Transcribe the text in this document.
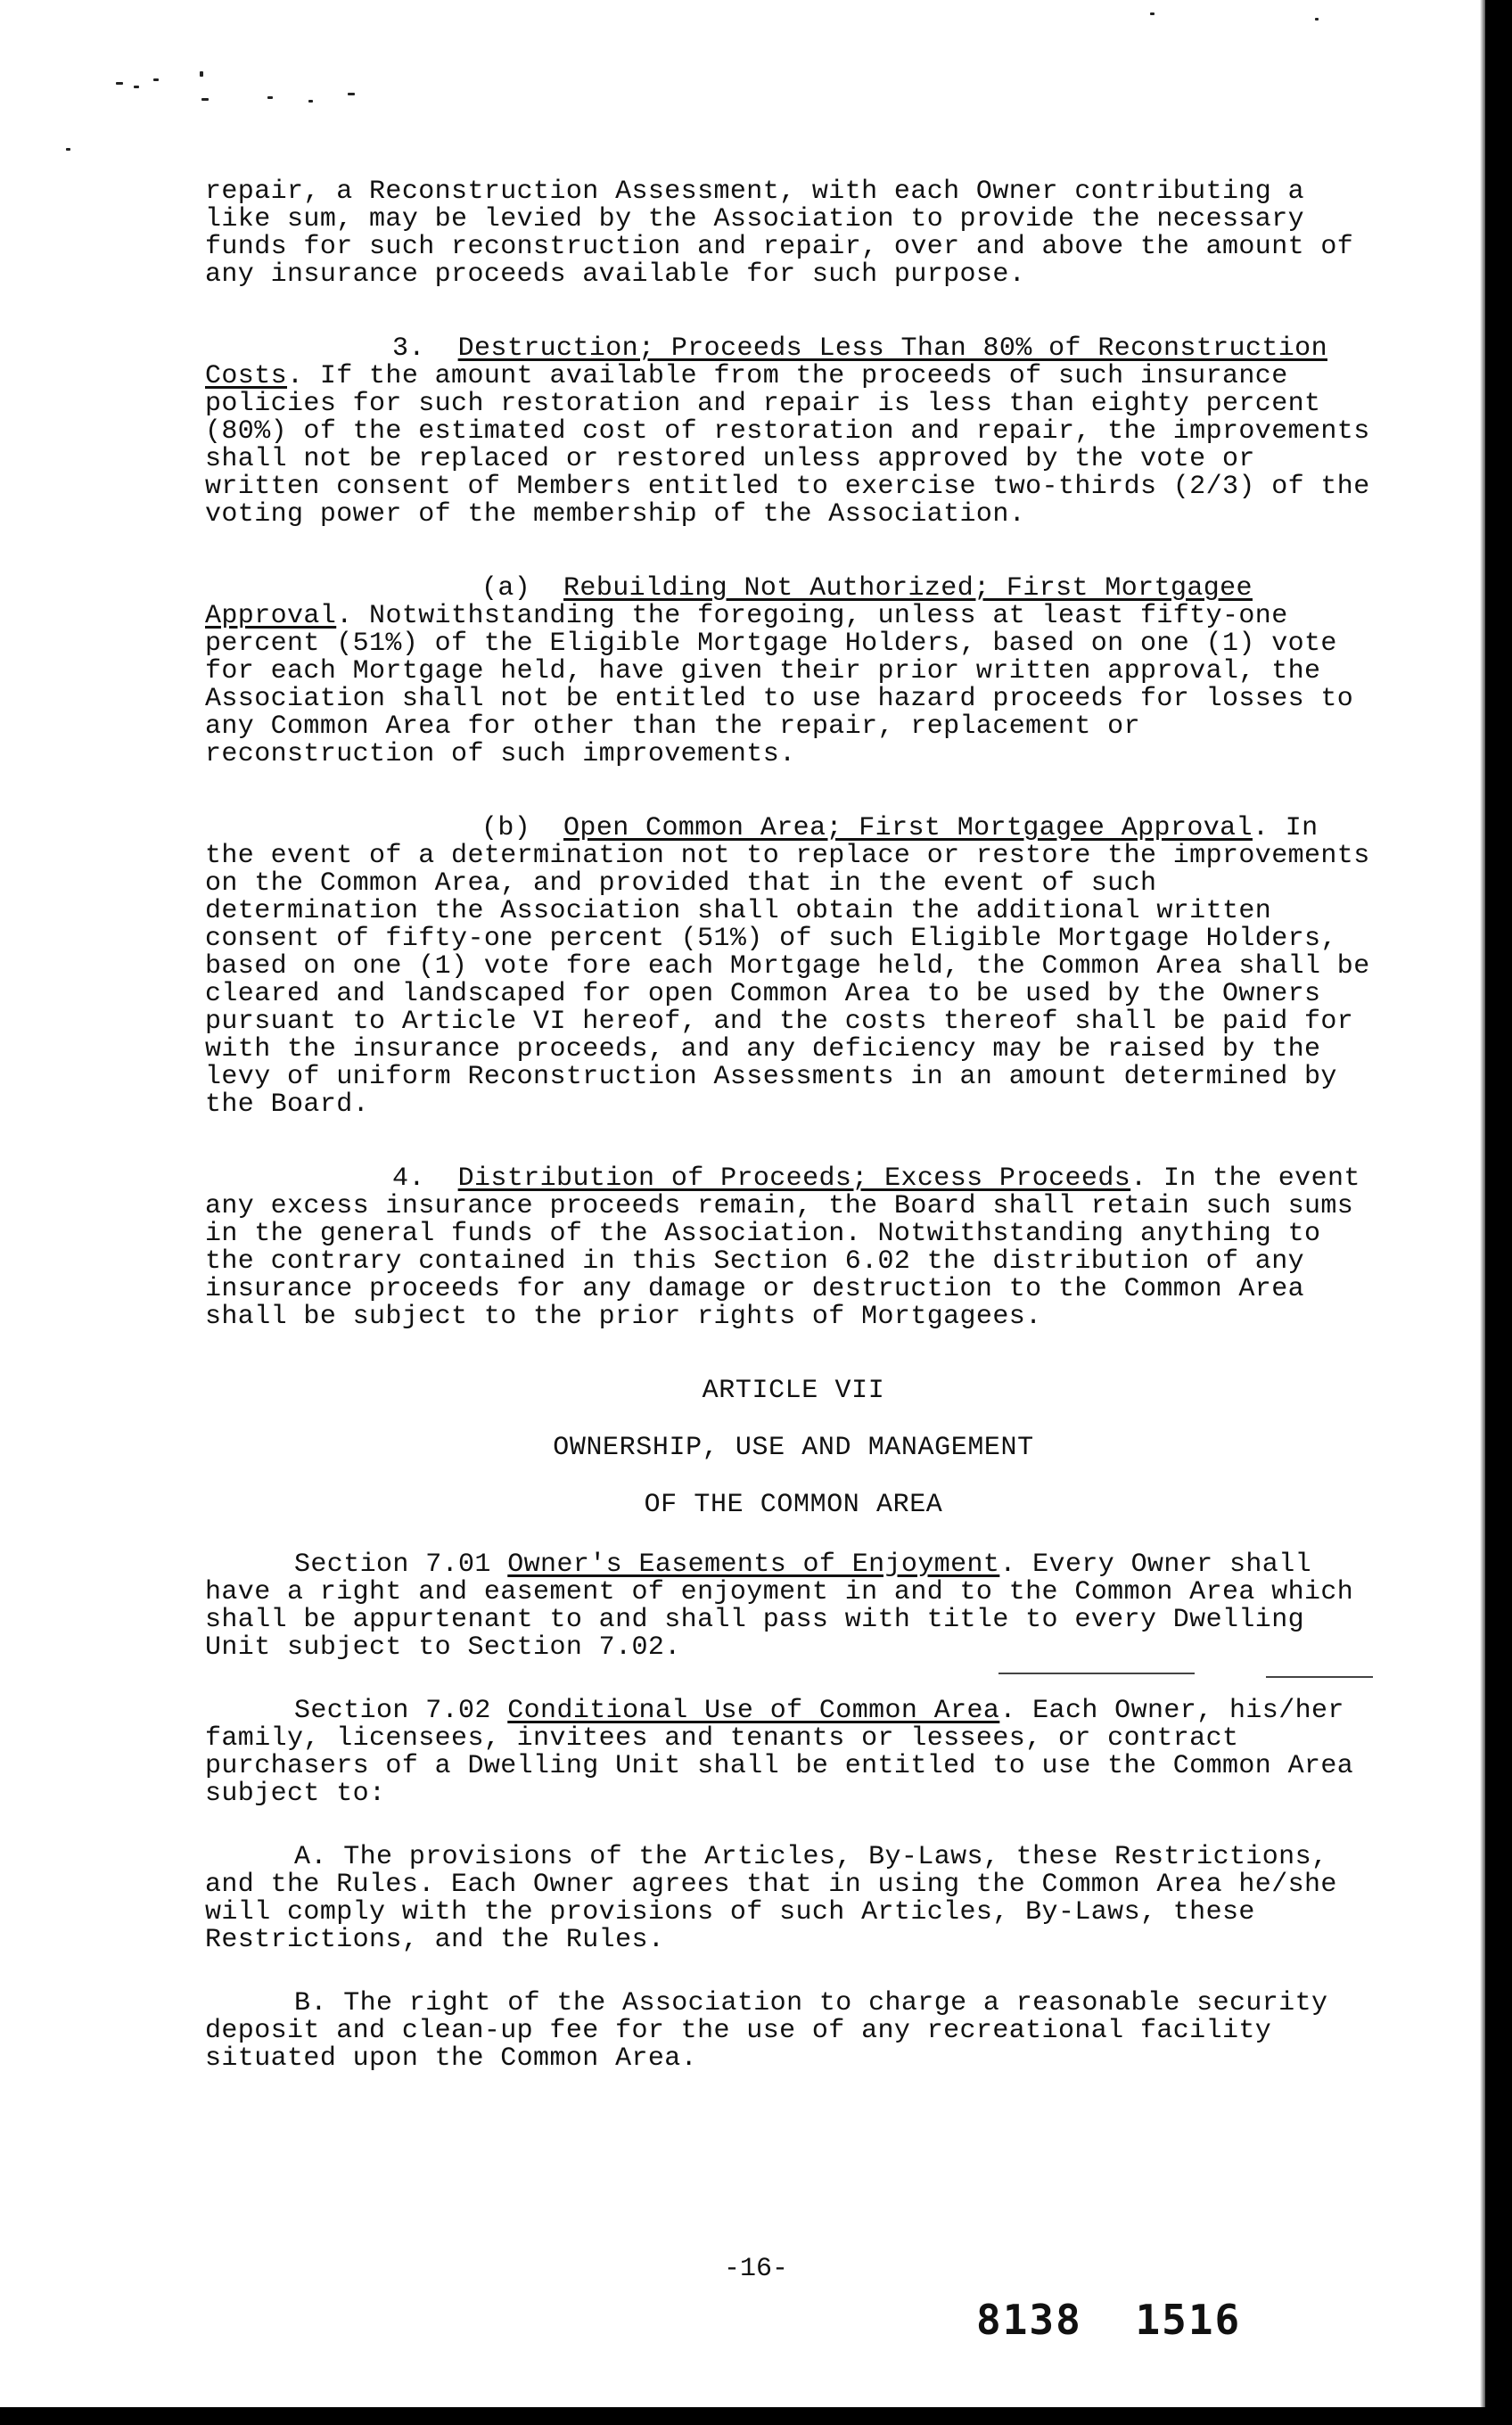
repair, a Reconstruction Assessment, with each Owner contributing a like sum, may be levied by the Association to provide the necessary funds for such reconstruction and repair, over and above the amount of any insurance proceeds available for such purpose.

3. Destruction; Proceeds Less Than 80% of Reconstruction Costs. If the amount available from the proceeds of such insurance policies for such restoration and repair is less than eighty percent (80%) of the estimated cost of restoration and repair, the improvements shall not be replaced or restored unless approved by the vote or written consent of Members entitled to exercise two-thirds (2/3) of the voting power of the membership of the Association.

(a) Rebuilding Not Authorized; First Mortgagee Approval. Notwithstanding the foregoing, unless at least fifty-one percent (51%) of the Eligible Mortgage Holders, based on one (1) vote for each Mortgage held, have given their prior written approval, the Association shall not be entitled to use hazard proceeds for losses to any Common Area for other than the repair, replacement or reconstruction of such improvements.

(b) Open Common Area; First Mortgagee Approval. In the event of a determination not to replace or restore the improvements on the Common Area, and provided that in the event of such determination the Association shall obtain the additional written consent of fifty-one percent (51%) of such Eligible Mortgage Holders, based on one (1) vote fore each Mortgage held, the Common Area shall be cleared and landscaped for open Common Area to be used by the Owners pursuant to Article VI hereof, and the costs thereof shall be paid for with the insurance proceeds, and any deficiency may be raised by the levy of uniform Reconstruction Assessments in an amount determined by the Board.

4. Distribution of Proceeds; Excess Proceeds. In the event any excess insurance proceeds remain, the Board shall retain such sums in the general funds of the Association. Notwithstanding anything to the contrary contained in this Section 6.02 the distribution of any insurance proceeds for any damage or destruction to the Common Area shall be subject to the prior rights of Mortgagees.

ARTICLE VII

OWNERSHIP, USE AND MANAGEMENT

OF THE COMMON AREA

Section 7.01 Owner's Easements of Enjoyment. Every Owner shall have a right and easement of enjoyment in and to the Common Area which shall be appurtenant to and shall pass with title to every Dwelling Unit subject to Section 7.02.

Section 7.02 Conditional Use of Common Area. Each Owner, his/her family, licensees, invitees and tenants or lessees, or contract purchasers of a Dwelling Unit shall be entitled to use the Common Area subject to:

A. The provisions of the Articles, By-Laws, these Restrictions, and the Rules. Each Owner agrees that in using the Common Area he/she will comply with the provisions of such Articles, By-Laws, these Restrictions, and the Rules.

B. The right of the Association to charge a reasonable security deposit and clean-up fee for the use of any recreational facility situated upon the Common Area.

-16-
8138 1516
